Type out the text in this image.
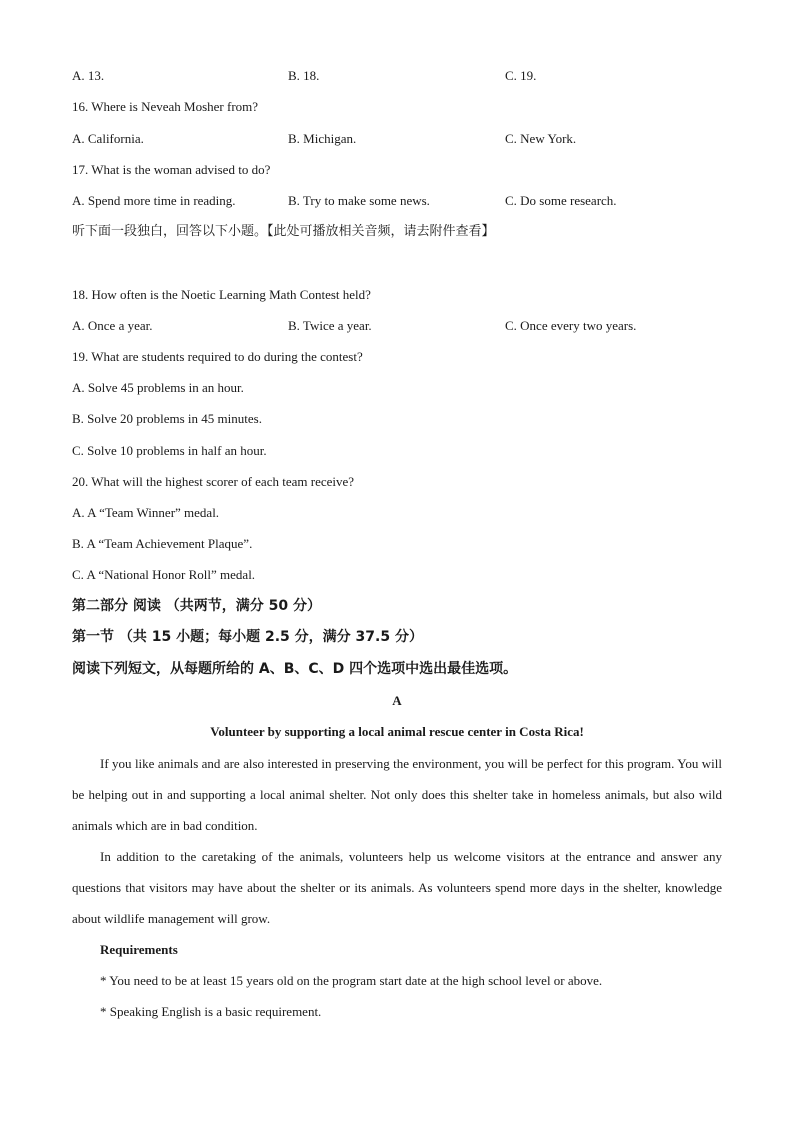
A. 13.	B. 18.	C. 19.
16. Where is Neveah Mosher from?
A. California.	B. Michigan.	C. New York.
17. What is the woman advised to do?
A. Spend more time in reading.	B. Try to make some news.	C. Do some research.
听下面一段独白，回答以下小题。【此处可播放相关音频，请去附件查看】
18. How often is the Noetic Learning Math Contest held?
A. Once a year.	B. Twice a year.	C. Once every two years.
19. What are students required to do during the contest?
A. Solve 45 problems in an hour.
B. Solve 20 problems in 45 minutes.
C. Solve 10 problems in half an hour.
20. What will the highest scorer of each team receive?
A. A “Team Winner” medal.
B. A “Team Achievement Plaque”.
C. A “National Honor Roll” medal.
第二部分 阅读 （共两节，满分 50 分）
第一节 （共 15 小题；每小题 2.5 分，满分 37.5 分）
阅读下列短文，从每题所给的 A、B、C、D 四个选项中选出最佳选项。
A
Volunteer by supporting a local animal rescue center in Costa Rica!
If you like animals and are also interested in preserving the environment, you will be perfect for this program. You will be helping out in and supporting a local animal shelter. Not only does this shelter take in homeless animals, but also wild animals which are in bad condition.
In addition to the caretaking of the animals, volunteers help us welcome visitors at the entrance and answer any questions that visitors may have about the shelter or its animals. As volunteers spend more days in the shelter, knowledge about wildlife management will grow.
Requirements
* You need to be at least 15 years old on the program start date at the high school level or above.
* Speaking English is a basic requirement.
